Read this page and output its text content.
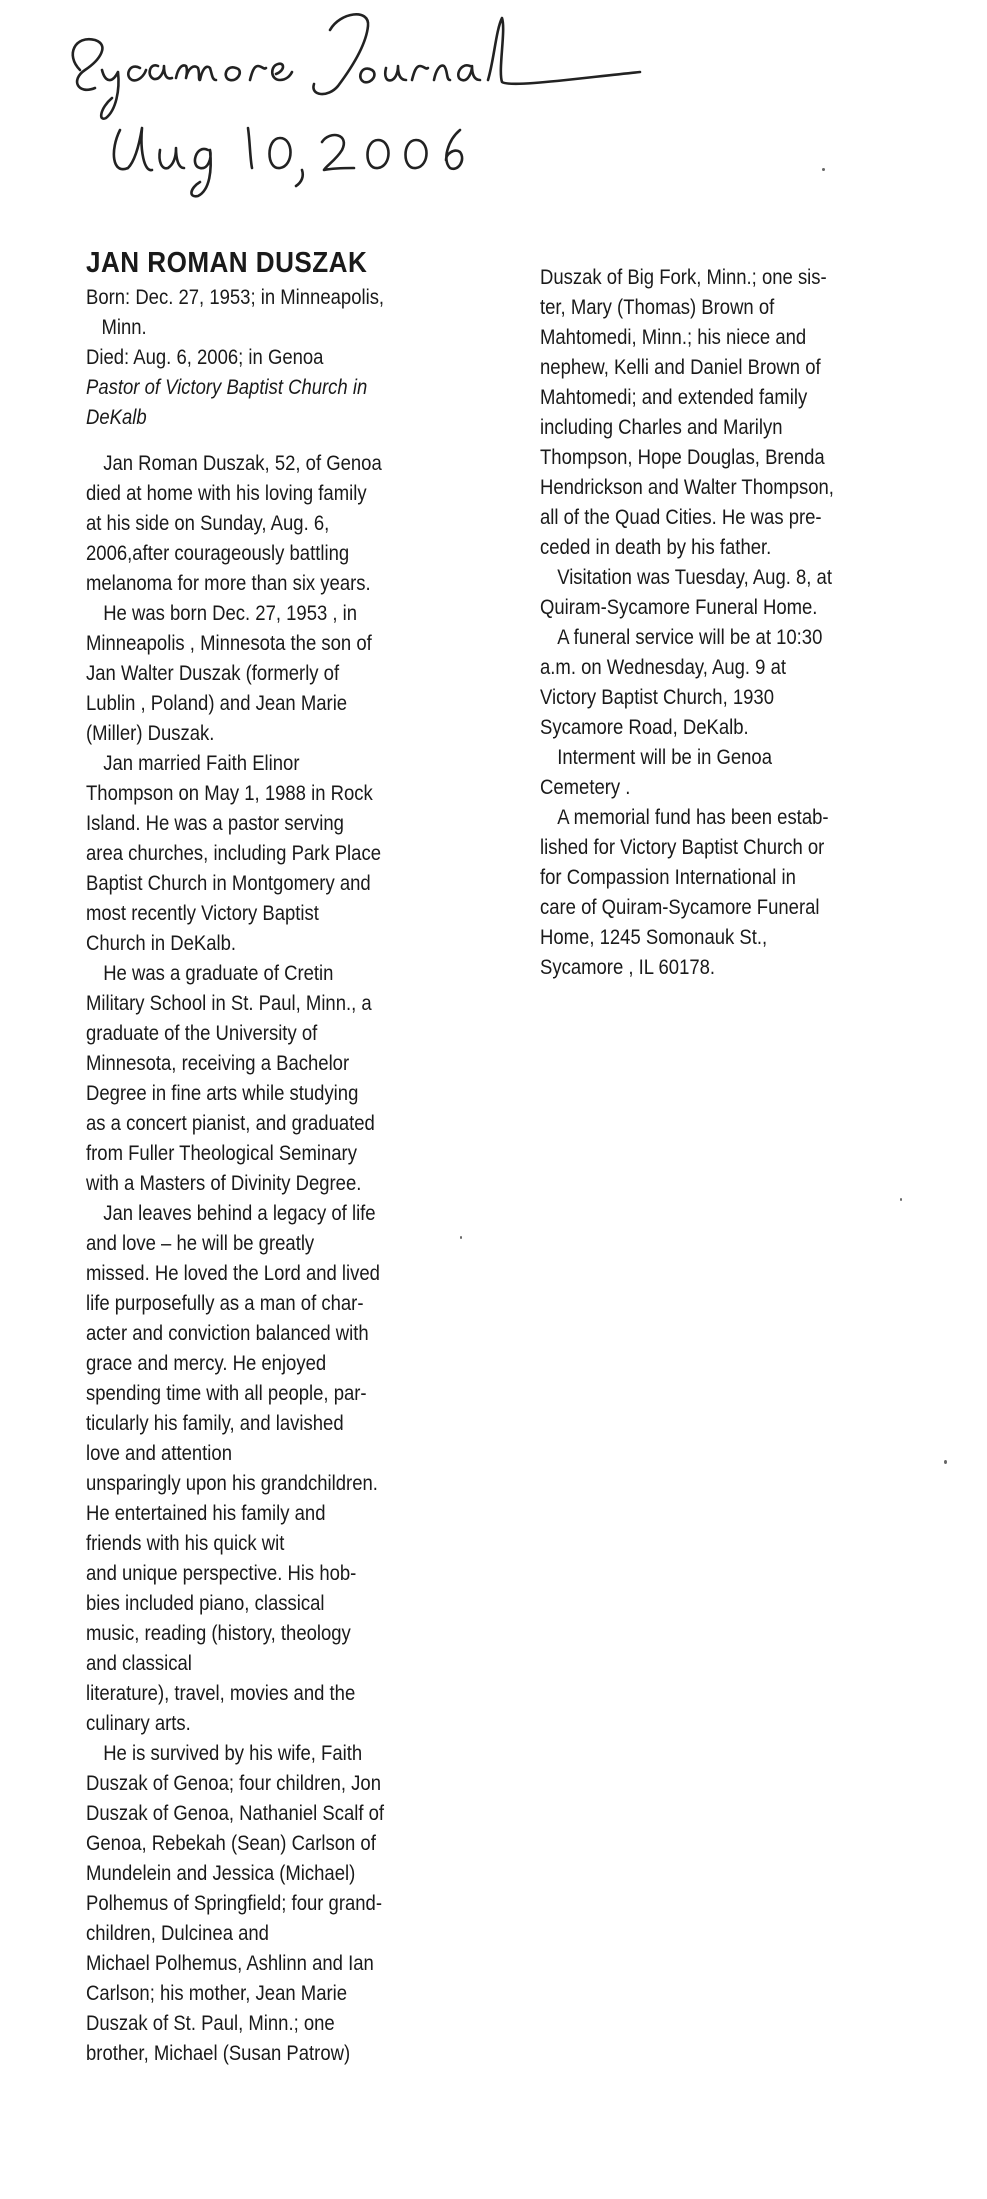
JAN ROMAN DUSZAK
Born: Dec. 27, 1953; in Minneapolis,
Minn.
Died: Aug. 6, 2006; in Genoa
Pastor of Victory Baptist Church in
DeKalb
Jan Roman Duszak, 52, of Genoa
died at home with his loving family
at his side on Sunday, Aug. 6,
2006,after courageously battling
melanoma for more than six years.
He was born Dec. 27, 1953 , in
Minneapolis , Minnesota the son of
Jan Walter Duszak (formerly of
Lublin , Poland) and Jean Marie
(Miller) Duszak.
Jan married Faith Elinor
Thompson on May 1, 1988 in Rock
Island. He was a pastor serving
area churches, including Park Place
Baptist Church in Montgomery and
most recently Victory Baptist
Church in DeKalb.
He was a graduate of Cretin
Military School in St. Paul, Minn., a
graduate of the University of
Minnesota, receiving a Bachelor
Degree in fine arts while studying
as a concert pianist, and graduated
from Fuller Theological Seminary
with a Masters of Divinity Degree.
Jan leaves behind a legacy of life
and love – he will be greatly
missed. He loved the Lord and lived
life purposefully as a man of char-
acter and conviction balanced with
grace and mercy. He enjoyed
spending time with all people, par-
ticularly his family, and lavished
love and attention
unsparingly upon his grandchildren.
He entertained his family and
friends with his quick wit
and unique perspective. His hob-
bies included piano, classical
music, reading (history, theology
and classical
literature), travel, movies and the
culinary arts.
He is survived by his wife, Faith
Duszak of Genoa; four children, Jon
Duszak of Genoa, Nathaniel Scalf of
Genoa, Rebekah (Sean) Carlson of
Mundelein and Jessica (Michael)
Polhemus of Springfield; four grand-
children, Dulcinea and
Michael Polhemus, Ashlinn and Ian
Carlson; his mother, Jean Marie
Duszak of St. Paul, Minn.; one
brother, Michael (Susan Patrow)
Duszak of Big Fork, Minn.; one sis-
ter, Mary (Thomas) Brown of
Mahtomedi, Minn.; his niece and
nephew, Kelli and Daniel Brown of
Mahtomedi; and extended family
including Charles and Marilyn
Thompson, Hope Douglas, Brenda
Hendrickson and Walter Thompson,
all of the Quad Cities. He was pre-
ceded in death by his father.
Visitation was Tuesday, Aug. 8, at
Quiram-Sycamore Funeral Home.
A funeral service will be at 10:30
a.m. on Wednesday, Aug. 9 at
Victory Baptist Church, 1930
Sycamore Road, DeKalb.
Interment will be in Genoa
Cemetery .
A memorial fund has been estab-
lished for Victory Baptist Church or
for Compassion International in
care of Quiram-Sycamore Funeral
Home, 1245 Somonauk St.,
Sycamore , IL 60178.
